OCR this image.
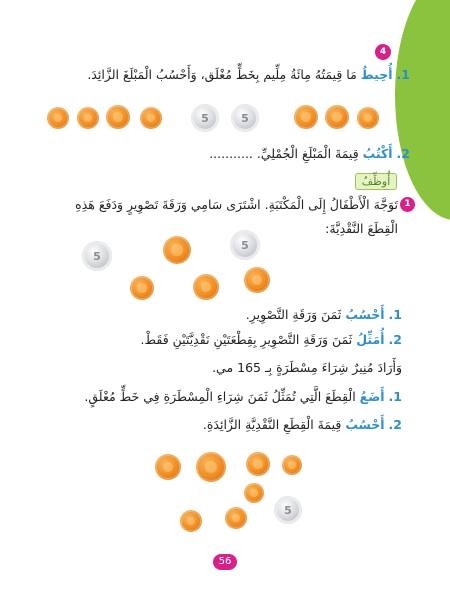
4
1. أُحِيطُ مَا قِيمَتُهُ مِائَةُ مِلِّيم بِخَطٍّ مُغْلَق، وَأَحْسُبُ الْمَبْلَغَ الزَّائِدَ.
5
5
2. أَكْتُبُ قِيمَةَ الْمَبْلَغِ الْجُمْلِيِّ. ...........
أُوظِّفُ
1
تَوَجَّهَ الْأَطْفَالُ إِلَى الْمَكْتَبَةِ. اشْتَرَى سَامِي وَرَقَةَ تَصْوِيرٍ وَدَفَعَ هَذِهِ
الْقِطَعَ النَّقْدِيَّةَ:
5
5
1. أَحْسُبُ ثَمَنَ وَرَقَةِ التَّصْوِيرِ.
2. أُمَثِّلُ ثَمَنَ وَرَقَةِ التَّصْوِيرِ بِقِطْعَتَيْنِ نَقْدِيَّتَيْنِ فَقَطْ.
وَأَرَادَ مُنِيرٌ شِرَاءَ مِسْطَرَةٍ بِـ 165 مي.
1. أَضَعُ الْقِطَعَ الَّتِي تُمَثِّلُ ثَمَنَ شِرَاءِ الْمِسْطَرَةِ فِي خَطٍّ مُغْلَقٍ.
2. أَحْسُبُ قِيمَةَ الْقِطَعِ النَّقْدِيَّةِ الزَّائِدَةِ.
5
56
